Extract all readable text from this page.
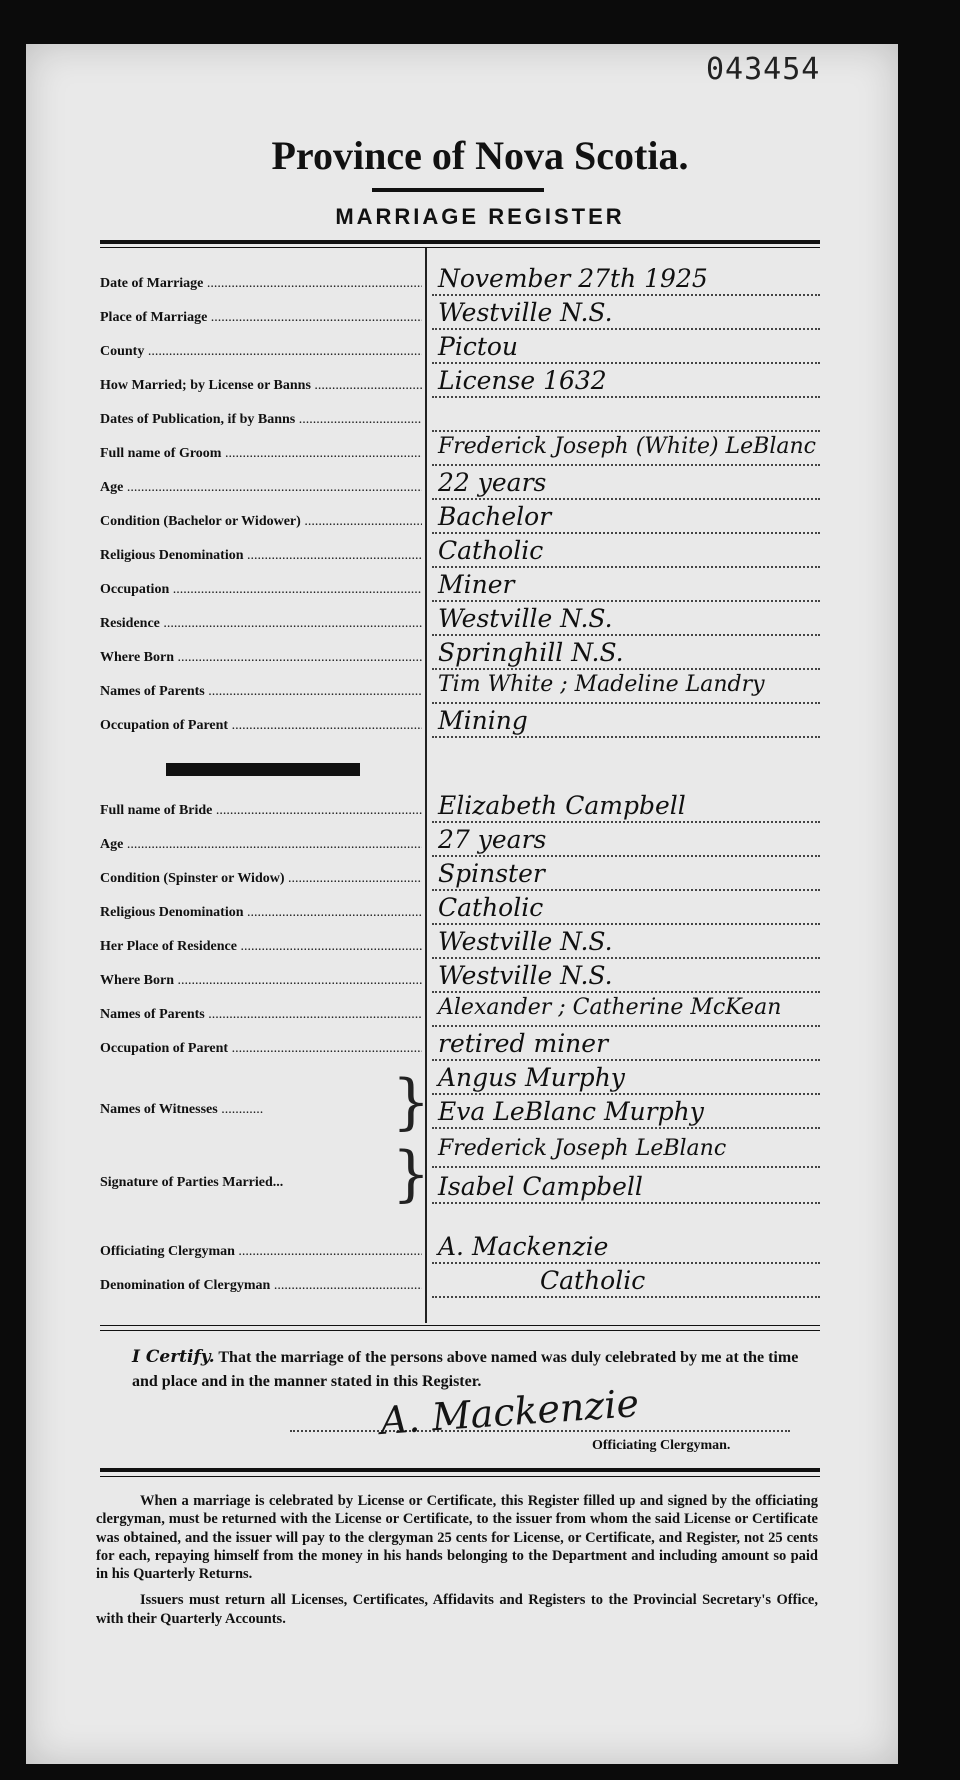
043454
Province of Nova Scotia.
MARRIAGE REGISTER
Date of Marriage .....	November 27th 1925
Place of Marriage .....	Westville N.S.
County .....	Pictou
How Married; by License or Banns .....	License 1632
Dates of Publication, if by Banns .....
Full name of Groom .....	Frederick Joseph (White) LeBlanc
Age .....	22 years
Condition (Bachelor or Widower) .....	Bachelor
Religious Denomination .....	Catholic
Occupation .....	Miner
Residence .....	Westville N.S.
Where Born .....	Springhill N.S.
Names of Parents .....	Tim White ; Madeline Landry
Occupation of Parent .....	Mining
Full name of Bride .....	Elizabeth Campbell
Age .....	27 years
Condition (Spinster or Widow) .....	Spinster
Religious Denomination .....	Catholic
Her Place of Residence .....	Westville N.S.
Where Born .....	Westville N.S.
Names of Parents .....	Alexander ; Catherine McKean
Occupation of Parent .....	retired miner
Names of Witnesses ............ } Angus Murphy
Eva LeBlanc Murphy
Signature of Parties Married... } Frederick Joseph LeBlanc
Isabel Campbell
Officiating Clergyman .....	A. Mackenzie
Denomination of Clergyman .....	Catholic
I Certify. That the marriage of the persons above named was duly celebrated by me at the time and place and in the manner stated in this Register.
A. Mackenzie
Officiating Clergyman.

When a marriage is celebrated by License or Certificate, this Register filled up and signed by the officiating clergyman, must be returned with the License or Certificate, to the issuer from whom the said License or Certificate was obtained, and the issuer will pay to the clergyman 25 cents for License, or Certificate, and Register, not 25 cents for each, repaying himself from the money in his hands belonging to the Department and including amount so paid in his Quarterly Returns.

Issuers must return all Licenses, Certificates, Affidavits and Registers to the Provincial Secretary's Office, with their Quarterly Accounts.
